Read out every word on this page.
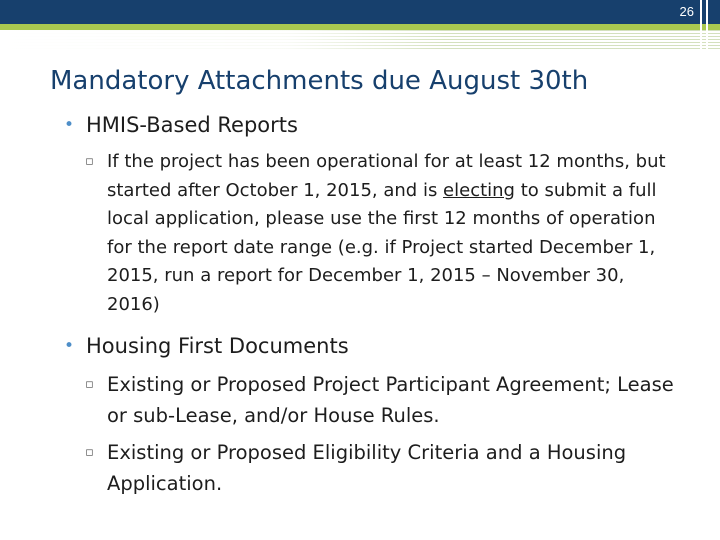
26
Mandatory Attachments due August 30th
• HMIS-Based Reports
▫ If the project has been operational for at least 12 months, but started after October 1, 2015, and is electing to submit a full local application, please use the first 12 months of operation for the report date range (e.g. if Project started December 1, 2015, run a report for December 1, 2015 – November 30, 2016)
• Housing First Documents
▫ Existing or Proposed Project Participant Agreement; Lease or sub-Lease, and/or House Rules.
▫ Existing or Proposed Eligibility Criteria and a Housing Application.
